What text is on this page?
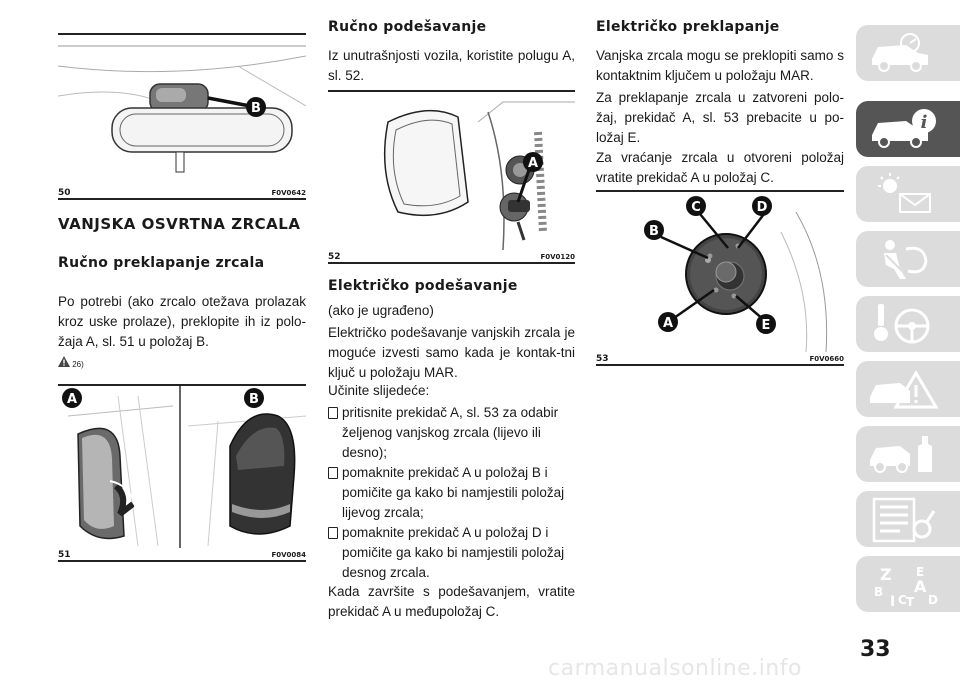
B
50	F0V0642
VANJSKA OSVRTNA ZRCALA
Ručno preklapanje zrcala

Po potrebi (ako zrcalo otežava prolazak kroz uske prolaze), preklopite ih iz polo-žaja A, sl. 51 u položaj B.

26)
A	B
51	F0V0084
Ručno podešavanje

Iz unutrašnjosti vozila, koristite polugu A, sl. 52.

A
52	F0V0120
Električko podešavanje

(ako je ugrađeno)

Električko podešavanje vanjskih zrcala je moguće izvesti samo kada je kontak-tni ključ u položaju MAR.

Učinite slijedeće:

pritisnite prekidač A, sl. 53 za odabir željenog vanjskog zrcala (lijevo ili desno);
pomaknite prekidač A u položaj B i pomičite ga kako bi namjestili položaj lijevog zrcala;
pomaknite prekidač A u položaj D i pomičite ga kako bi namjestili položaj desnog zrcala.

Kada završite s podešavanjem, vratite prekidač A u međupoložaj C.

Električko preklapanje

Vanjska zrcala mogu se preklopiti samo s kontaktnim ključem u položaju MAR.

Za preklapanje zrcala u zatvoreni polo-žaj, prekidač A, sl. 53 prebacite u po-ložaj E.

Za vraćanje zrcala u otvoreni položaj vratite prekidač A u položaj C.

B
C	D
A	E
53	F0V0660
i
Z E
A
B
C T D
I
33
carmanualsonline.info
